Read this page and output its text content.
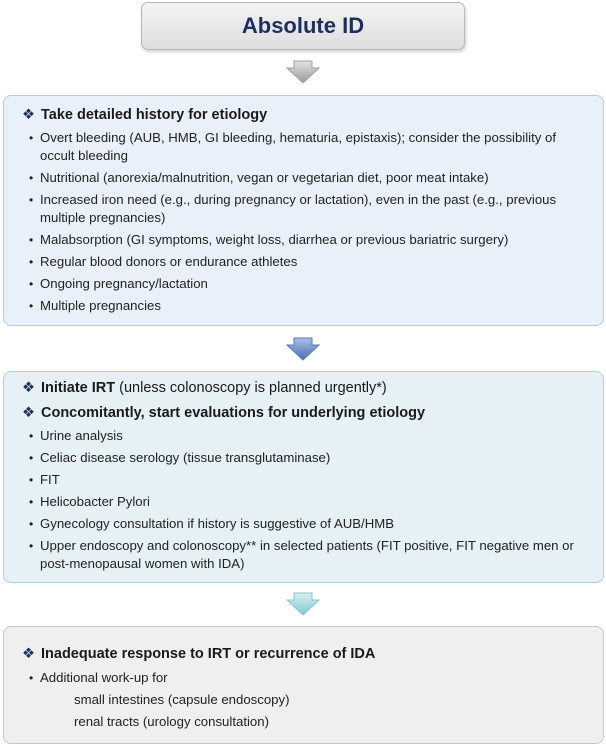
Absolute ID
❖ Take detailed history for etiology
• Overt bleeding (AUB, HMB, GI bleeding, hematuria, epistaxis); consider the possibility of occult bleeding
• Nutritional (anorexia/malnutrition, vegan or vegetarian diet, poor meat intake)
• Increased iron need (e.g., during pregnancy or lactation), even in the past (e.g., previous multiple pregnancies)
• Malabsorption (GI symptoms, weight loss, diarrhea or previous bariatric surgery)
• Regular blood donors or endurance athletes
• Ongoing pregnancy/lactation
• Multiple pregnancies
❖ Initiate IRT (unless colonoscopy is planned urgently*)
❖ Concomitantly, start evaluations for underlying etiology
• Urine analysis
• Celiac disease serology (tissue transglutaminase)
• FIT
• Helicobacter Pylori
• Gynecology consultation if history is suggestive of AUB/HMB
• Upper endoscopy and colonoscopy** in selected patients (FIT positive, FIT negative men or post-menopausal women with IDA)
❖ Inadequate response to IRT or recurrence of IDA
• Additional work-up for
small intestines (capsule endoscopy)
renal tracts (urology consultation)
